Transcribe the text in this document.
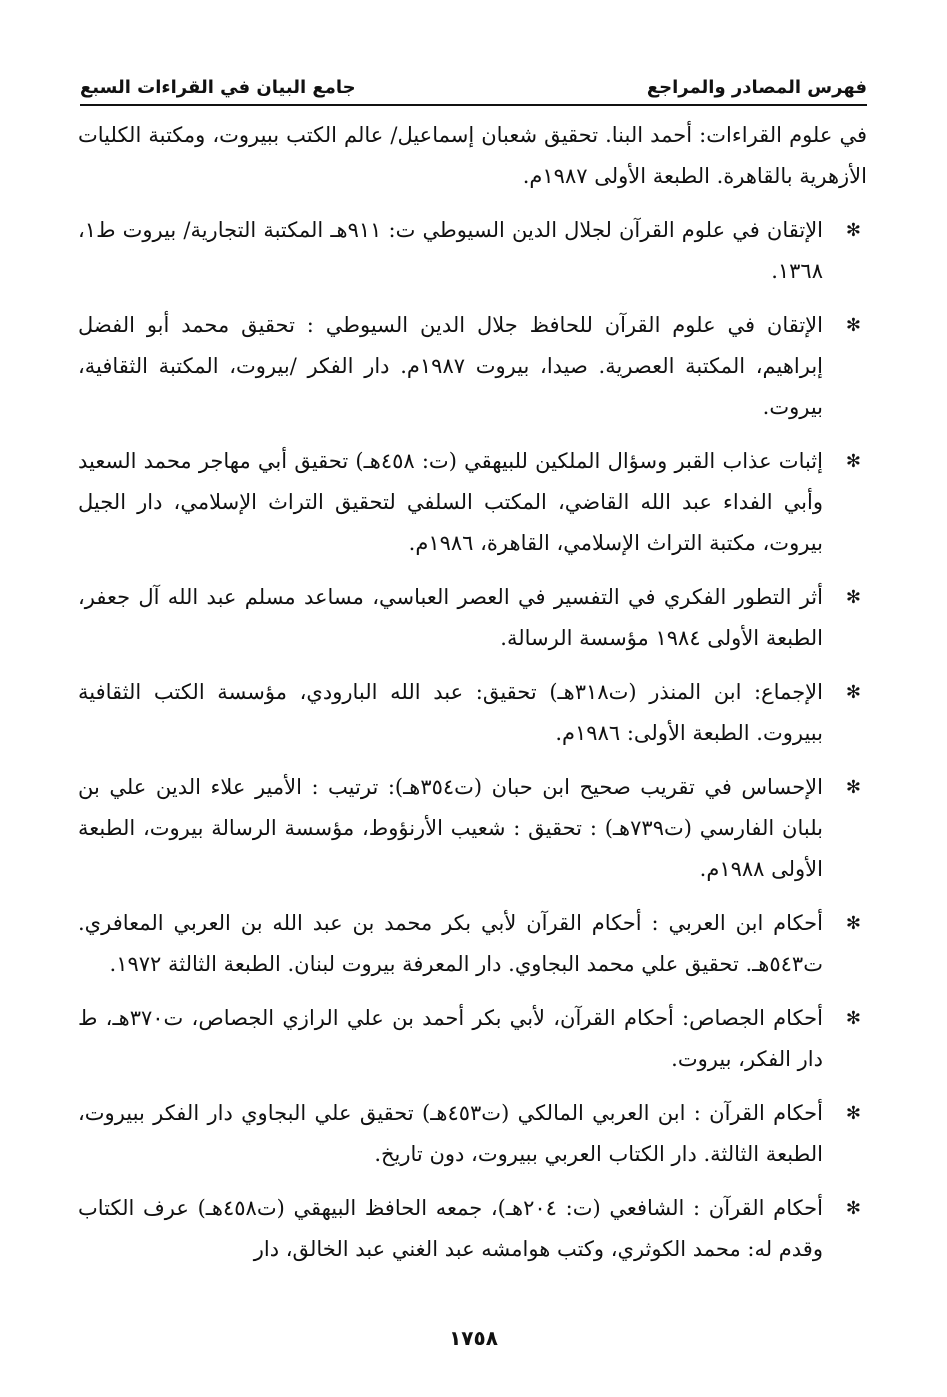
فهرس المصادر والمراجع
جامع البيان في القراءات السبع

في علوم القراءات: أحمد البنا. تحقيق شعبان إسماعيل/ عالم الكتب ببيروت، ومكتبة الكليات الأزهرية بالقاهرة. الطبعة الأولى ١٩٨٧م.

✻
الإتقان في علوم القرآن لجلال الدين السيوطي ت: ٩١١هـ المكتبة التجارية/ بيروت ط١، ١٣٦٨.

✻
الإتقان في علوم القرآن للحافظ جلال الدين السيوطي : تحقيق محمد أبو الفضل إبراهيم، المكتبة العصرية. صيدا، بيروت ١٩٨٧م. دار الفكر /بيروت، المكتبة الثقافية، بيروت.

✻
إثبات عذاب القبر وسؤال الملكين للبيهقي (ت: ٤٥٨هـ) تحقيق أبي مهاجر محمد السعيد وأبي الفداء عبد الله القاضي، المكتب السلفي لتحقيق التراث الإسلامي، دار الجيل بيروت، مكتبة التراث الإسلامي، القاهرة، ١٩٨٦م.

✻
أثر التطور الفكري في التفسير في العصر العباسي، مساعد مسلم عبد الله آل جعفر، الطبعة الأولى ١٩٨٤ مؤسسة الرسالة.

✻
الإجماع: ابن المنذر (ت٣١٨هـ) تحقيق: عبد الله البارودي، مؤسسة الكتب الثقافية ببيروت. الطبعة الأولى: ١٩٨٦م.

✻
الإحساس في تقريب صحيح ابن حبان (ت٣٥٤هـ): ترتيب : الأمير علاء الدين علي بن بلبان الفارسي (ت٧٣٩هـ) : تحقيق : شعيب الأرنؤوط، مؤسسة الرسالة بيروت، الطبعة الأولى ١٩٨٨م.

✻
أحكام ابن العربي : أحكام القرآن لأبي بكر محمد بن عبد الله بن العربي المعافري. ت٥٤٣هـ. تحقيق علي محمد البجاوي. دار المعرفة بيروت لبنان. الطبعة الثالثة ١٩٧٢.

✻
أحكام الجصاص: أحكام القرآن، لأبي بكر أحمد بن علي الرازي الجصاص، ت٣٧٠هـ، ط دار الفكر، بيروت.

✻
أحكام القرآن : ابن العربي المالكي (ت٤٥٣هـ) تحقيق علي البجاوي دار الفكر ببيروت، الطبعة الثالثة. دار الكتاب العربي ببيروت، دون تاريخ.

✻
أحكام القرآن : الشافعي (ت: ٢٠٤هـ)، جمعه الحافظ البيهقي (ت٤٥٨هـ) عرف الكتاب وقدم له: محمد الكوثري، وكتب هوامشه عبد الغني عبد الخالق، دار

١٧٥٨
